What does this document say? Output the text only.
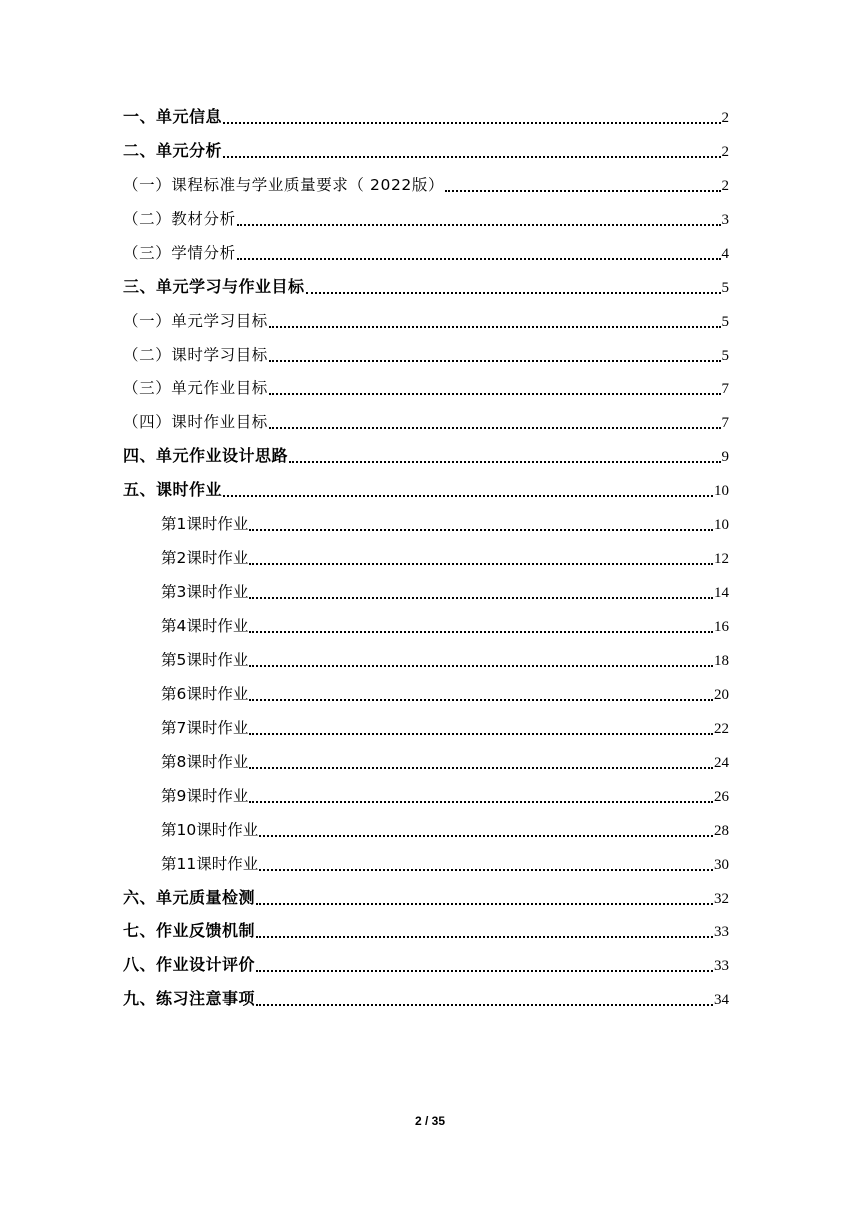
一、单元信息	2
二、单元分析	2
（一）课程标准与学业质量要求（ 2022版）	2
（二）教材分析	3
（三）学情分析	4
三、单元学习与作业目标	5
（一）单元学习目标	5
（二）课时学习目标	5
（三）单元作业目标	7
（四）课时作业目标	7
四、单元作业设计思路	9
五、课时作业	10
第1课时作业	10
第2课时作业	12
第3课时作业	14
第4课时作业	16
第5课时作业	18
第6课时作业	20
第7课时作业	22
第8课时作业	24
第9课时作业	26
第10课时作业	28
第11课时作业	30
六、单元质量检测	32
七、作业反馈机制	33
八、作业设计评价	33
九、练习注意事项	34
2 / 35
